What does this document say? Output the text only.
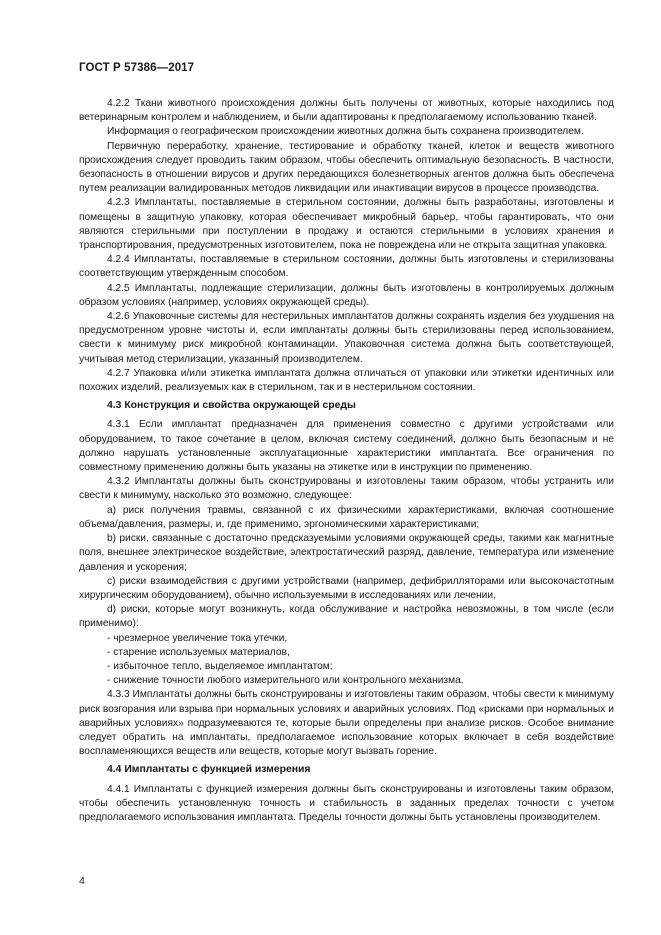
ГОСТ Р 57386—2017

4.2.2 Ткани животного происхождения должны быть получены от животных, которые находились под ветеринарным контролем и наблюдением, и были адаптированы к предполагаемому использованию тканей.

Информация о географическом происхождении животных должна быть сохранена производителем.

Первичную переработку, хранение, тестирование и обработку тканей, клеток и веществ животного происхождения следует проводить таким образом, чтобы обеспечить оптимальную безопасность. В частности, безопасность в отношении вирусов и других передающихся болезнетворных агентов должна быть обеспечена путем реализации валидированных методов ликвидации или инактивации вирусов в процессе производства.

4.2.3 Имплантаты, поставляемые в стерильном состоянии, должны быть разработаны, изготовлены и помещены в защитную упаковку, которая обеспечивает микробный барьер, чтобы гарантировать, что они являются стерильными при поступлении в продажу и остаются стерильными в условиях хранения и транспортирования, предусмотренных изготовителем, пока не повреждена или не открыта защитная упаковка.

4.2.4 Имплантаты, поставляемые в стерильном состоянии, должны быть изготовлены и стерилизованы соответствующим утвержденным способом.

4.2.5 Имплантаты, подлежащие стерилизации, должны быть изготовлены в контролируемых должным образом условиях (например, условиях окружающей среды).

4.2.6 Упаковочные системы для нестерильных имплантатов должны сохранять изделия без ухудшения на предусмотренном уровне чистоты и, если имплантаты должны быть стерилизованы перед использованием, свести к минимуму риск микробной контаминации. Упаковочная система должна быть соответствующей, учитывая метод стерилизации, указанный производителем.

4.2.7 Упаковка и/или этикетка имплантата должна отличаться от упаковки или этикетки идентичных или похожих изделий, реализуемых как в стерильном, так и в нестерильном состоянии.

4.3 Конструкция и свойства окружающей среды

4.3.1 Если имплантат предназначен для применения совместно с другими устройствами или оборудованием, то такое сочетание в целом, включая систему соединений, должно быть безопасным и не должно нарушать установленные эксплуатационные характеристики имплантата. Все ограничения по совместному применению должны быть указаны на этикетке или в инструкции по применению.

4.3.2 Имплантаты должны быть сконструированы и изготовлены таким образом, чтобы устранить или свести к минимуму, насколько это возможно, следующее:

a) риск получения травмы, связанной с их физическими характеристиками, включая соотношение объема/давления, размеры, и, где применимо, эргономическими характеристиками;

b) риски, связанные с достаточно предсказуемыми условиями окружающей среды, такими как магнитные поля, внешнее электрическое воздействие, электростатический разряд, давление, температура или изменение давления и ускорения;

c) риски взаимодействия с другими устройствами (например, дефибрилляторами или высокочастотным хирургическим оборудованием), обычно используемыми в исследованиях или лечении,

d) риски, которые могут возникнуть, когда обслуживание и настройка невозможны, в том числе (если применимо):

- чрезмерное увеличение тока утечки,

- старение используемых материалов,

- избыточное тепло, выделяемое имплантатом;

- снижение точности любого измерительного или контрольного механизма.

4.3.3 Имплантаты должны быть сконструированы и изготовлены таким образом, чтобы свести к минимуму риск возгорания или взрыва при нормальных условиях и аварийных условиях. Под «рисками при нормальных и аварийных условиях» подразумеваются те, которые были определены при анализе рисков. Особое внимание следует обратить на имплантаты, предполагаемое использование которых включает в себя воздействие воспламеняющихся веществ или веществ, которые могут вызвать горение.

4.4 Имплантаты с функцией измерения

4.4.1 Имплантаты с функцией измерения должны быть сконструированы и изготовлены таким образом, чтобы обеспечить установленную точность и стабильность в заданных пределах точности с учетом предполагаемого использования имплантата. Пределы точности должны быть установлены производителем.

4
